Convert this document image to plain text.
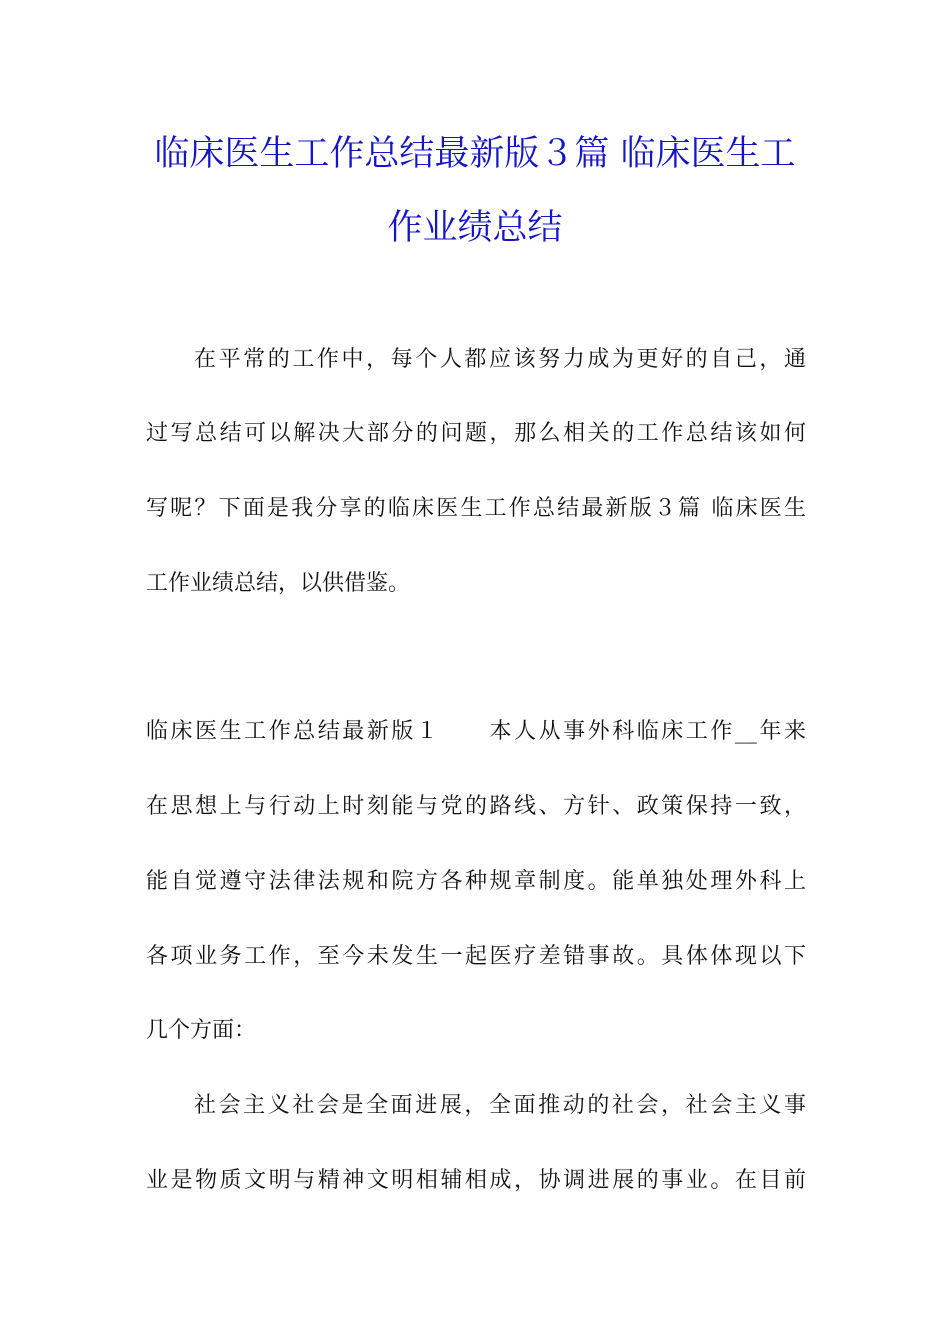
临床医生工作总结最新版３篇 临床医生工
作业绩总结
在平常的工作中，每个人都应该努力成为更好的自己，通
过写总结可以解决大部分的问题，那么相关的工作总结该如何
写呢？下面是我分享的临床医生工作总结最新版３篇 临床医生
工作业绩总结，以供借鉴。
临床医生工作总结最新版１　　本人从事外科临床工作__年来
在思想上与行动上时刻能与党的路线、方针、政策保持一致，
能自觉遵守法律法规和院方各种规章制度。能单独处理外科上
各项业务工作，至今未发生一起医疗差错事故。具体体现以下
几个方面：
社会主义社会是全面进展，全面推动的社会，社会主义事
业是物质文明与精神文明相辅相成，协调进展的事业。在目前
